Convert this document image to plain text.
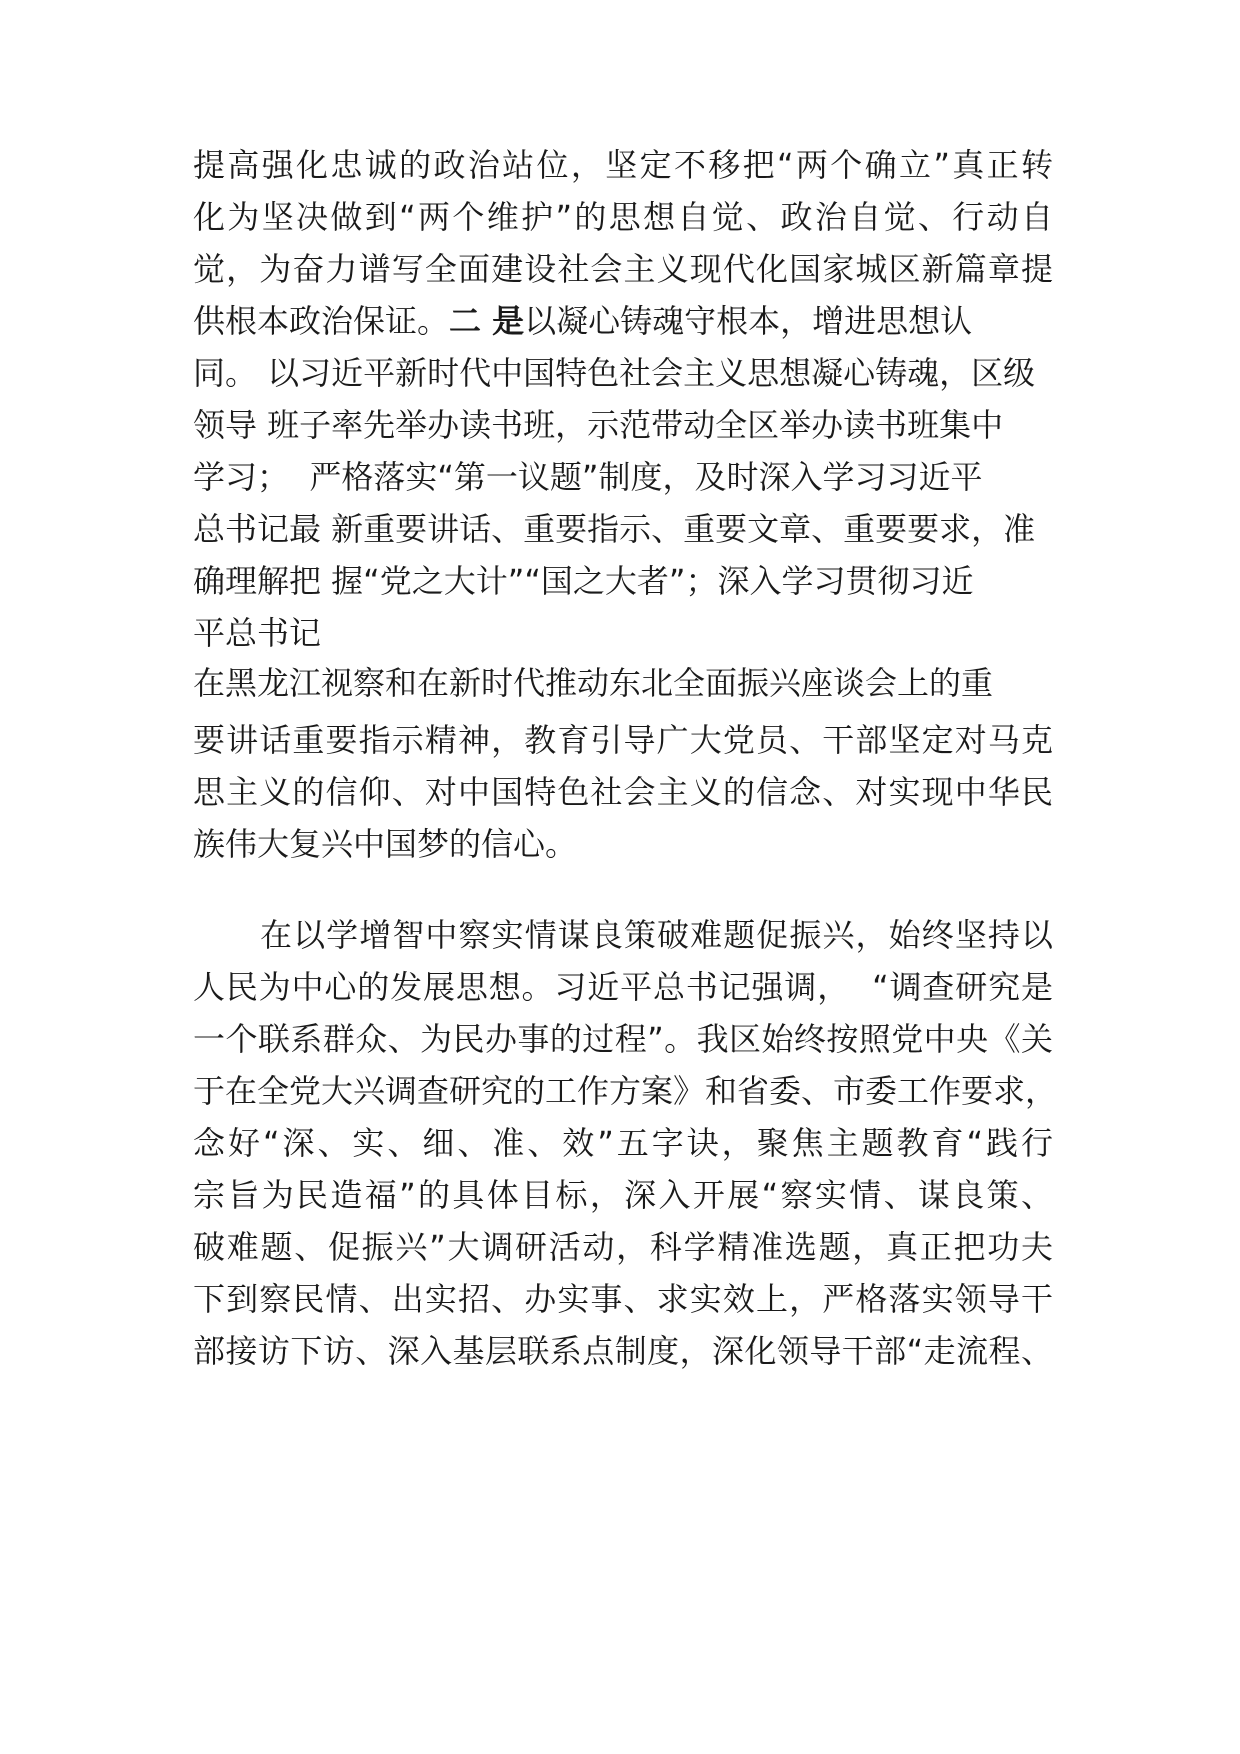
提高强化忠诚的政治站位，坚定不移把“两个确立”真正转
化为坚决做到“两个维护”的思想自觉、政治自觉、行动自
觉，为奋力谱写全面建设社会主义现代化国家城区新篇章提
供根本政治保证。二 是以凝心铸魂守根本，增进思想认
同。 以习近平新时代中国特色社会主义思想凝心铸魂，区级
领导 班子率先举办读书班，示范带动全区举办读书班集中
学习；  严格落实“第一议题”制度，及时深入学习习近平
总书记最 新重要讲话、重要指示、重要文章、重要要求，准
确理解把 握“党之大计”“国之大者”；深入学习贯彻习近
平总书记
在黑龙江视察和在新时代推动东北全面振兴座谈会上的重
要讲话重要指示精神，教育引导广大党员、干部坚定对马克
思主义的信仰、对中国特色社会主义的信念、对实现中华民
族伟大复兴中国梦的信心。
在以学增智中察实情谋良策破难题促振兴，始终坚持以
人民为中心的发展思想。习近平总书记强调，  “调查研究是
一个联系群众、为民办事的过程”。我区始终按照党中央《关
于在全党大兴调查研究的工作方案》和省委、市委工作要求，
念好“深、实、细、准、效”五字诀，聚焦主题教育“践行
宗旨为民造福”的具体目标，深入开展“察实情、谋良策、
破难题、促振兴”大调研活动，科学精准选题，真正把功夫
下到察民情、出实招、办实事、求实效上，严格落实领导干
部接访下访、深入基层联系点制度，深化领导干部“走流程、
